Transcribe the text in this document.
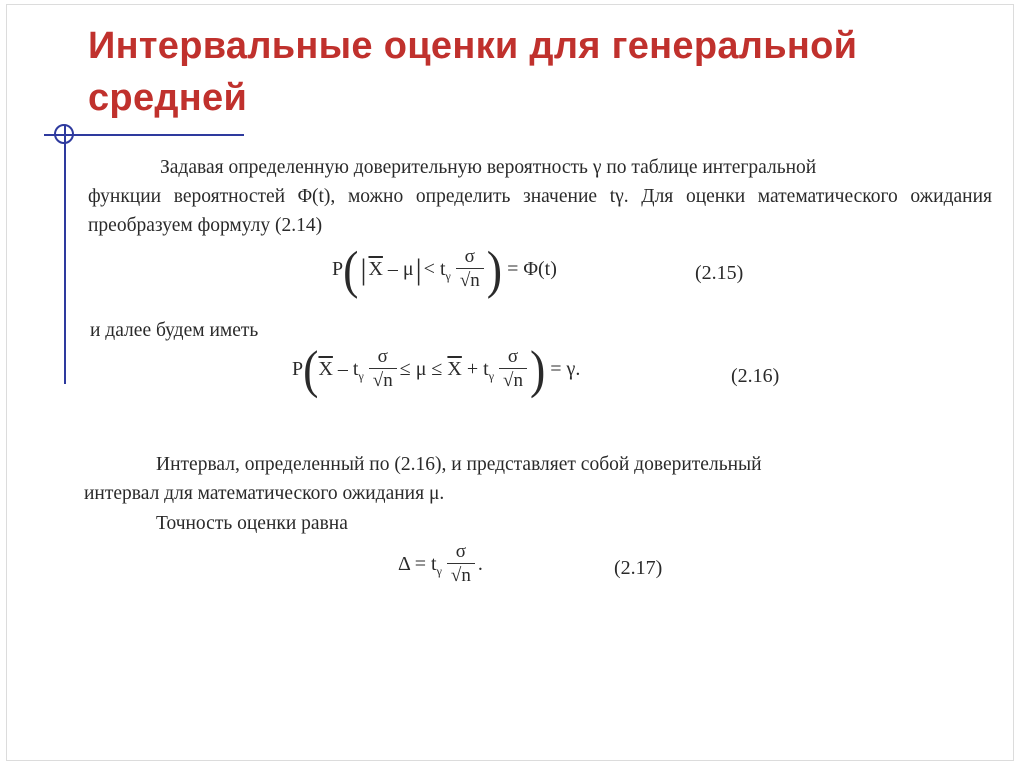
Интервальные оценки для генеральной средней
Задавая определенную доверительную вероятность γ по таблице интегральной
функции вероятностей Φ(t), можно определить значение tγ. Для оценки математического ожидания преобразуем формулу (2.14)
P ( | $\overline{X}$
– μ | <
t γ $\frac{\sigma}{√n}$ )
= Φ(t)	(2.15)
и далее будем иметь
P ( $\overline{X}$
– t γ $\frac{\sigma}{√n} \le \mu$ ≤
$\overline{X}$
+ t γ $\frac{\sigma}{√n}$ )
= γ.	(2.16)
Интервал, определенный по (2.16), и представляет собой доверительный
интервал для математического ожидания μ.
Точность оценки равна
Δ = t γ $\frac{\sigma}{√n}$ .	(2.17)
